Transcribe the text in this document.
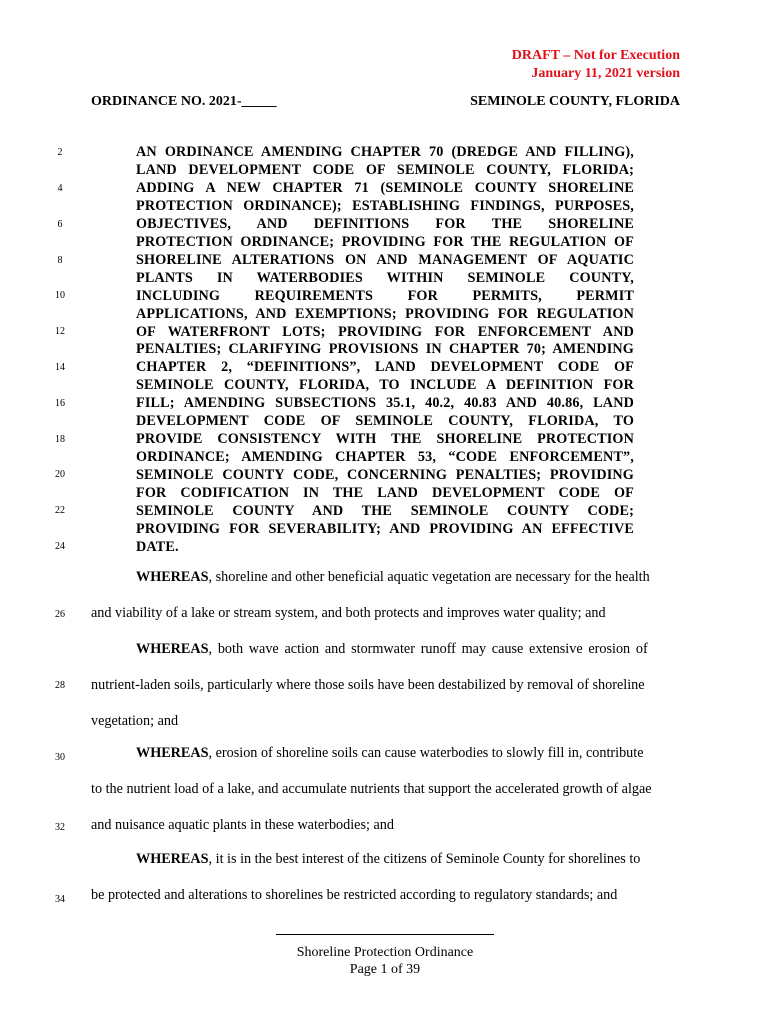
DRAFT – Not for Execution
January 11, 2021 version
ORDINANCE NO. 2021-_____	SEMINOLE COUNTY, FLORIDA
AN ORDINANCE AMENDING CHAPTER 70 (DREDGE AND FILLING),
LAND DEVELOPMENT CODE OF SEMINOLE COUNTY, FLORIDA;
ADDING A NEW CHAPTER 71 (SEMINOLE COUNTY SHORELINE
PROTECTION ORDINANCE); ESTABLISHING FINDINGS, PURPOSES,
OBJECTIVES, AND DEFINITIONS FOR THE SHORELINE
PROTECTION ORDINANCE; PROVIDING FOR THE REGULATION OF
SHORELINE ALTERATIONS ON AND MANAGEMENT OF AQUATIC
PLANTS IN WATERBODIES WITHIN SEMINOLE COUNTY,
INCLUDING REQUIREMENTS FOR PERMITS, PERMIT
APPLICATIONS, AND EXEMPTIONS; PROVIDING FOR REGULATION
OF WATERFRONT LOTS; PROVIDING FOR ENFORCEMENT AND
PENALTIES; CLARIFYING PROVISIONS IN CHAPTER 70; AMENDING
CHAPTER 2, “DEFINITIONS”, LAND DEVELOPMENT CODE OF
SEMINOLE COUNTY, FLORIDA, TO INCLUDE A DEFINITION FOR
FILL; AMENDING SUBSECTIONS 35.1, 40.2, 40.83 AND 40.86, LAND
DEVELOPMENT CODE OF SEMINOLE COUNTY, FLORIDA, TO
PROVIDE CONSISTENCY WITH THE SHORELINE PROTECTION
ORDINANCE; AMENDING CHAPTER 53, “CODE ENFORCEMENT”,
SEMINOLE COUNTY CODE, CONCERNING PENALTIES; PROVIDING
FOR CODIFICATION IN THE LAND DEVELOPMENT CODE OF
SEMINOLE COUNTY AND THE SEMINOLE COUNTY CODE;
PROVIDING FOR SEVERABILITY; AND PROVIDING AN EFFECTIVE
DATE.
2
4
6
8
10
12
14
16
18
20
22
24
26
28
30
32
34
WHEREAS, shoreline and other beneficial aquatic vegetation are necessary for the health
and viability of a lake or stream system, and both protects and improves water quality; and
WHEREAS, both wave action and stormwater runoff may cause extensive erosion of
nutrient-laden soils, particularly where those soils have been destabilized by removal of shoreline
vegetation; and
WHEREAS, erosion of shoreline soils can cause waterbodies to slowly fill in, contribute
to the nutrient load of a lake, and accumulate nutrients that support the accelerated growth of algae
and nuisance aquatic plants in these waterbodies; and
WHEREAS, it is in the best interest of the citizens of Seminole County for shorelines to
be protected and alterations to shorelines be restricted according to regulatory standards; and
Shoreline Protection Ordinance
Page 1 of 39
